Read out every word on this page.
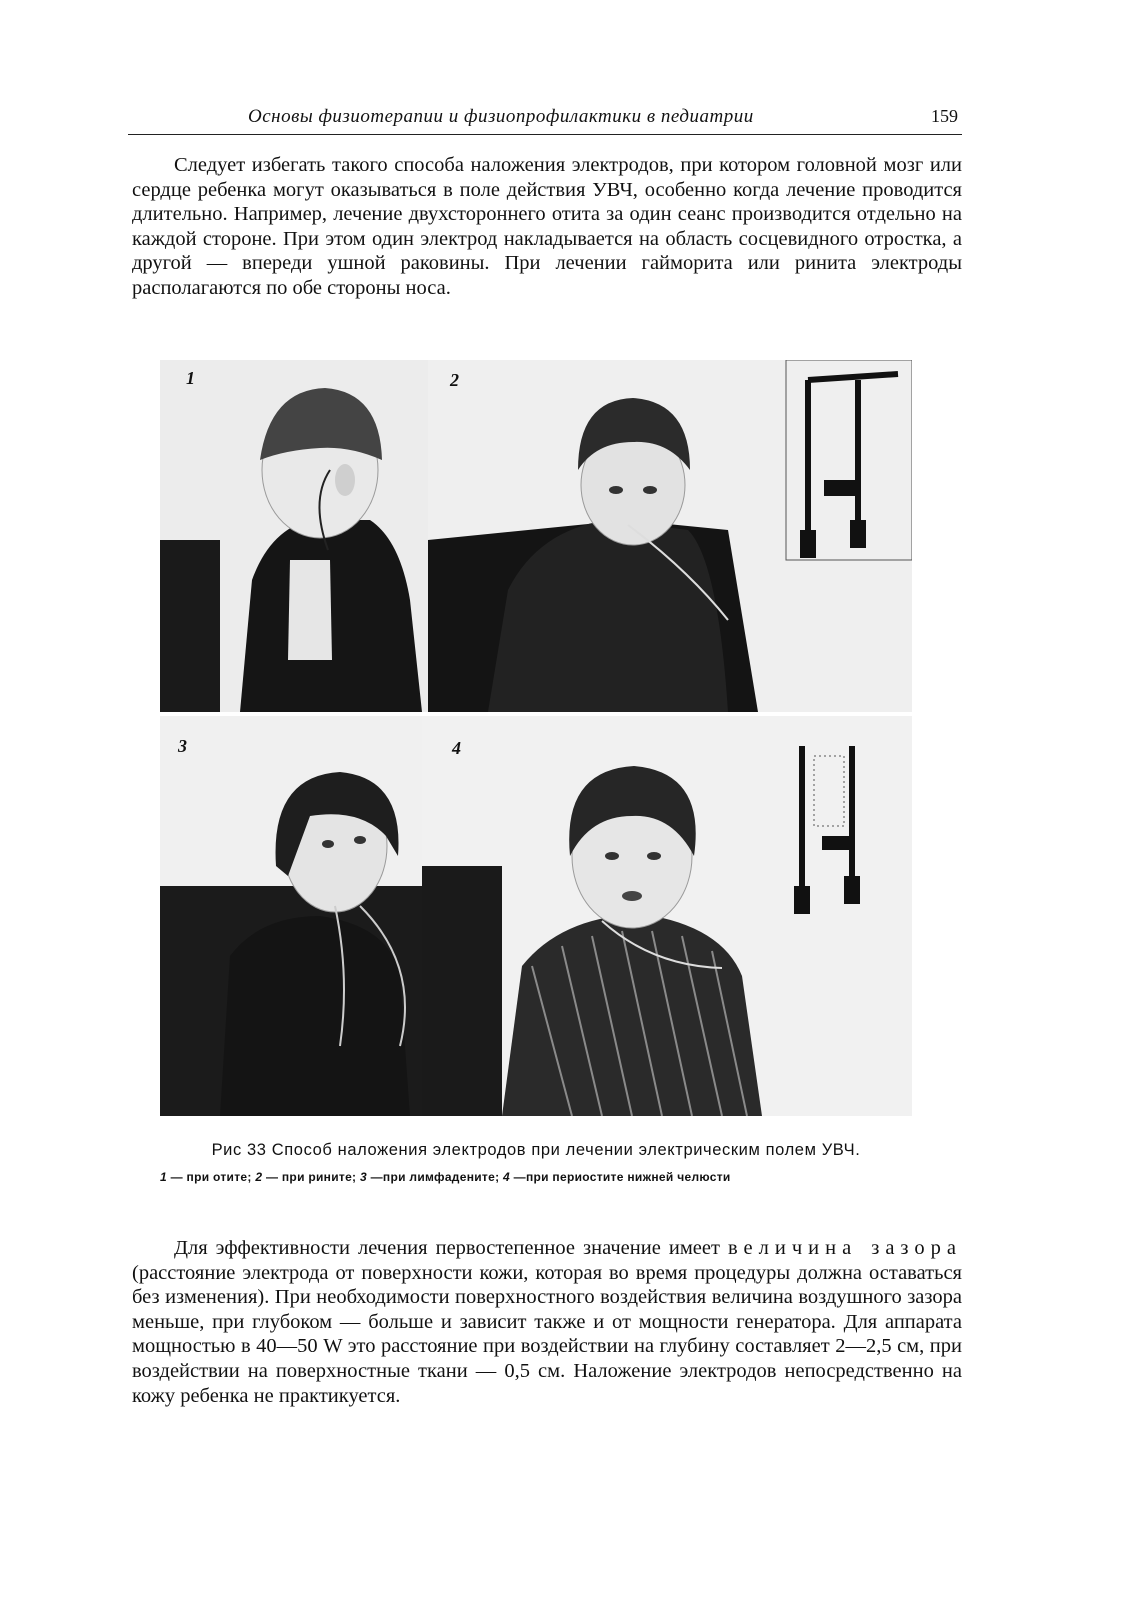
Основы физиотерапии и физиопрофилактики в педиатрии	159

Следует избегать такого способа наложения электродов, при котором головной мозг или сердце ребенка могут оказываться в поле действия УВЧ, особенно когда лечение проводится длительно. Например, лечение двухстороннего отита за один сеанс производится отдельно на каждой стороне. При этом один электрод накладывается на область сосцевидного отростка, а другой — впереди ушной раковины. При лечении гайморита или ринита электроды располагаются по обе стороны носа.

1	2
3	4
Рис 33 Способ наложения электродов при лечении электрическим полем УВЧ.
1 — при отите; 2 — при рините; 3 —при лимфадените; 4 —при периостите нижней челюсти

Для эффективности лечения первостепенное значение имеет величина зазора (расстояние электрода от поверхности кожи, которая во время процедуры должна оставаться без изменения). При необходимости поверхностного воздействия величина воздушного зазора меньше, при глубоком — больше и зависит также и от мощности генератора. Для аппарата мощностью в 40—50 W это расстояние при воздействии на глубину составляет 2—2,5 см, при воздействии на поверхностные ткани — 0,5 см. Наложение электродов непосредственно на кожу ребенка не практикуется.
